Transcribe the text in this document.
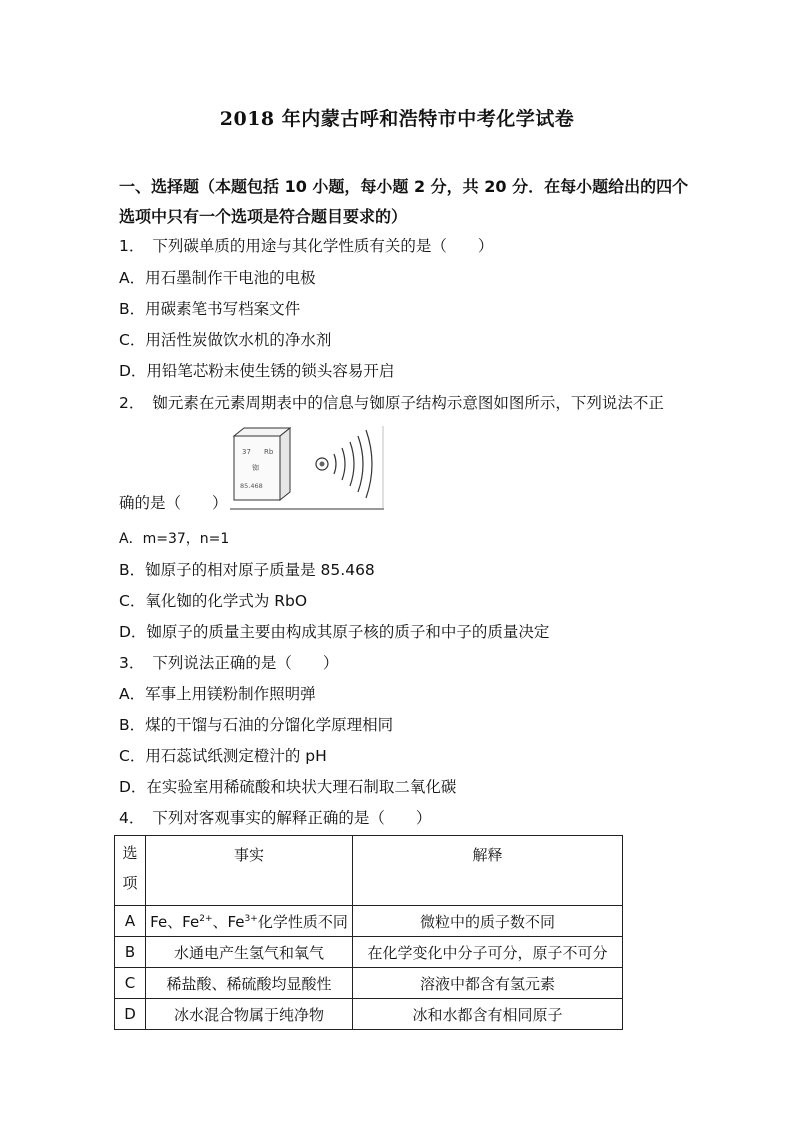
2018 年内蒙古呼和浩特市中考化学试卷
一、选择题（本题包括 10 小题，每小题 2 分，共 20 分．在每小题给出的四个选项中只有一个选项是符合题目要求的）
1． 下列碳单质的用途与其化学性质有关的是（　　）
A．用石墨制作干电池的电极
B．用碳素笔书写档案文件
C．用活性炭做饮水机的净水剂
D．用铅笔芯粉末使生锈的锁头容易开启
2． 铷元素在元素周期表中的信息与铷原子结构示意图如图所示，下列说法不正
确的是（　　）
37 Rb
铷
85.468
A．m=37，n=1
B．铷原子的相对原子质量是 85.468
C．氧化铷的化学式为 RbO
D．铷原子的质量主要由构成其原子核的质子和中子的质量决定
3． 下列说法正确的是（　　）
A．军事上用镁粉制作照明弹
B．煤的干馏与石油的分馏化学原理相同
C．用石蕊试纸测定橙汁的 pH
D．在实验室用稀硫酸和块状大理石制取二氧化碳
4． 下列对客观事实的解释正确的是（　　）
选
项	事实	解释
A	Fe、$Fe^{2+}$、$Fe^{3+}$化学性质不同	微粒中的质子数不同
B	水通电产生氢气和氧气	在化学变化中分子可分，原子不可分
C	稀盐酸、稀硫酸均显酸性	溶液中都含有氢元素
D	冰水混合物属于纯净物	冰和水都含有相同原子
